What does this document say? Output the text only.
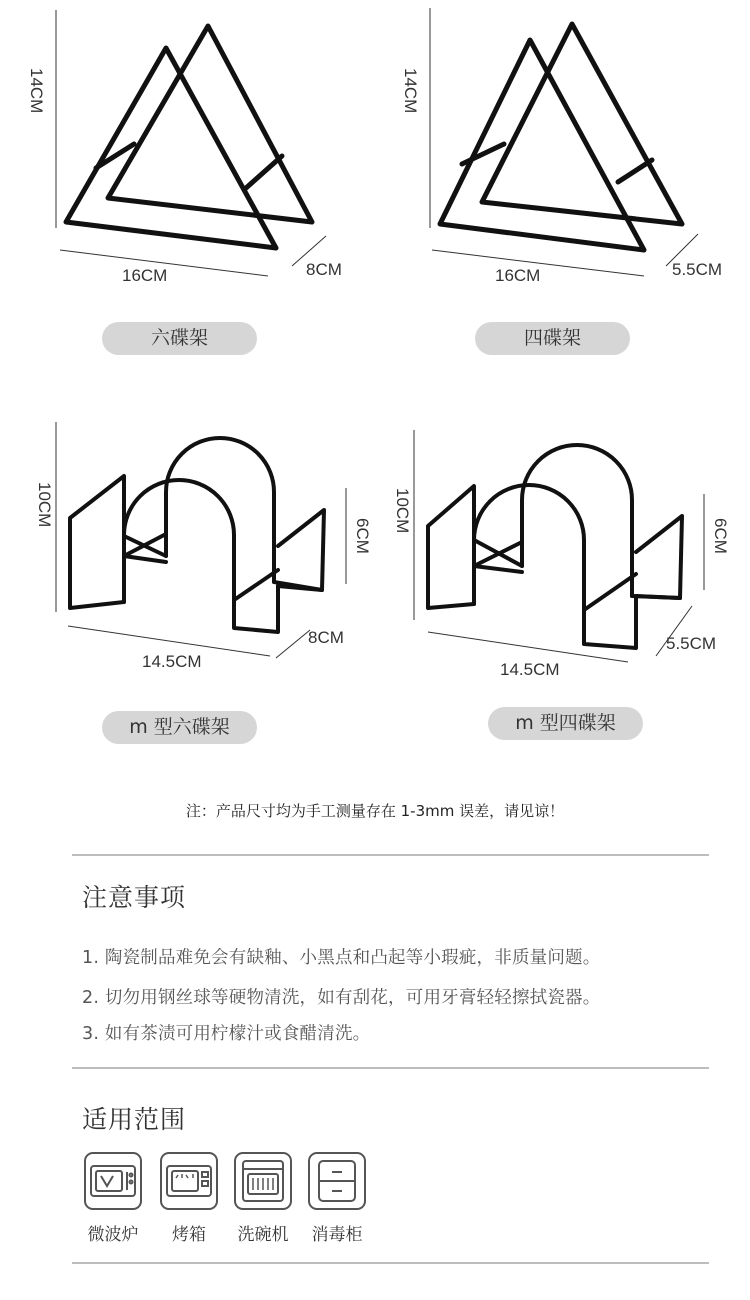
14CM
16CM	8CM
六碟架
14CM
16CM	5.5CM
四碟架
10CM
6CM
14.5CM
8CM
m 型六碟架
10CM
6CM
14.5CM
5.5CM
m 型四碟架
注：产品尺寸均为手工测量存在 1-3mm 误差，请见谅！
注意事项
1. 陶瓷制品难免会有缺釉、小黑点和凸起等小瑕疵，非质量问题。
2. 切勿用钢丝球等硬物清洗，如有刮花，可用牙膏轻轻擦拭瓷器。
3. 如有茶渍可用柠檬汁或食醋清洗。
适用范围
微波炉	烤箱	洗碗机	消毒柜
